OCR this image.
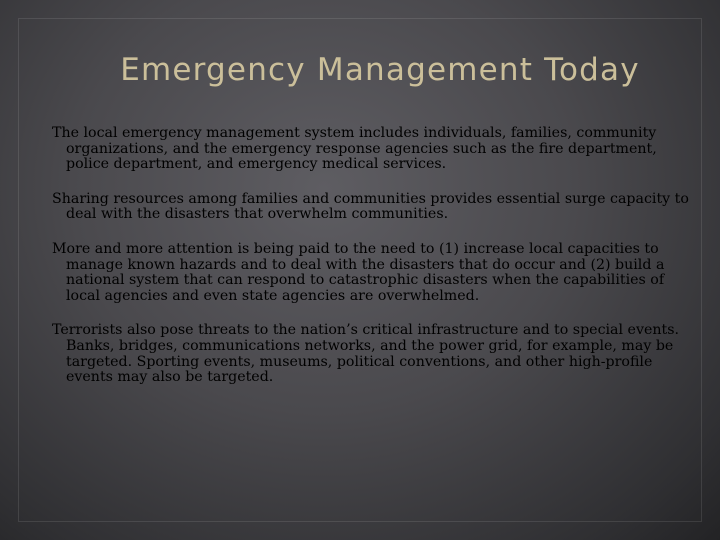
Emergency Management Today

The local emergency management system includes individuals, families, community organizations, and the emergency response agencies such as the fire department, police department, and emergency medical services.

Sharing resources among families and communities provides essential surge capacity to deal with the disasters that overwhelm communities.

More and more attention is being paid to the need to (1) increase local capacities to manage known hazards and to deal with the disasters that do occur and (2) build a national system that can respond to catastrophic disasters when the capabilities of local agencies and even state agencies are overwhelmed.

Terrorists also pose threats to the nation’s critical infrastructure and to special events. Banks, bridges, communications networks, and the power grid, for example, may be targeted. Sporting events, museums, political conventions, and other high-profile events may also be targeted.
